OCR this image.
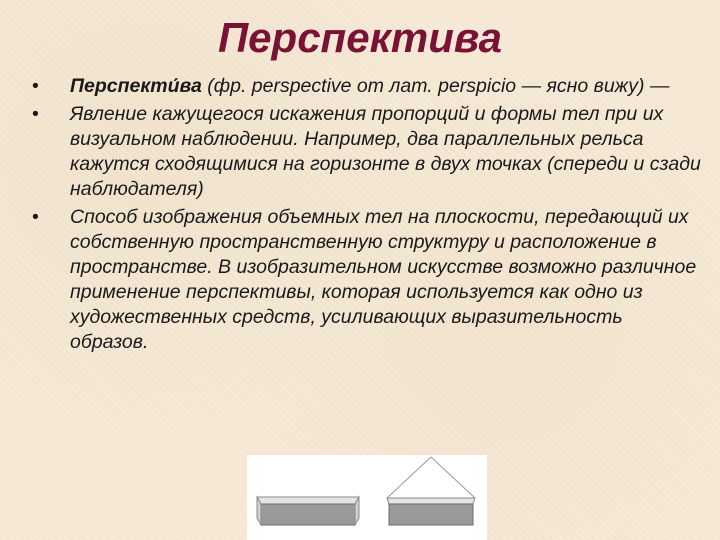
Перспектива
• Перспекти́ва (фр. perspective от лат. perspicio — ясно вижу) —
• Явление кажущегося искажения пропорций и формы тел при их визуальном наблюдении. Например, два параллельных рельса кажутся сходящимися на горизонте в двух точках (спереди и сзади наблюдателя)
• Способ изображения объемных тел на плоскости, передающий их собственную пространственную структуру и расположение в пространстве. В изобразительном искусстве возможно различное применение перспективы, которая используется как одно из художественных средств, усиливающих выразительность образов.
